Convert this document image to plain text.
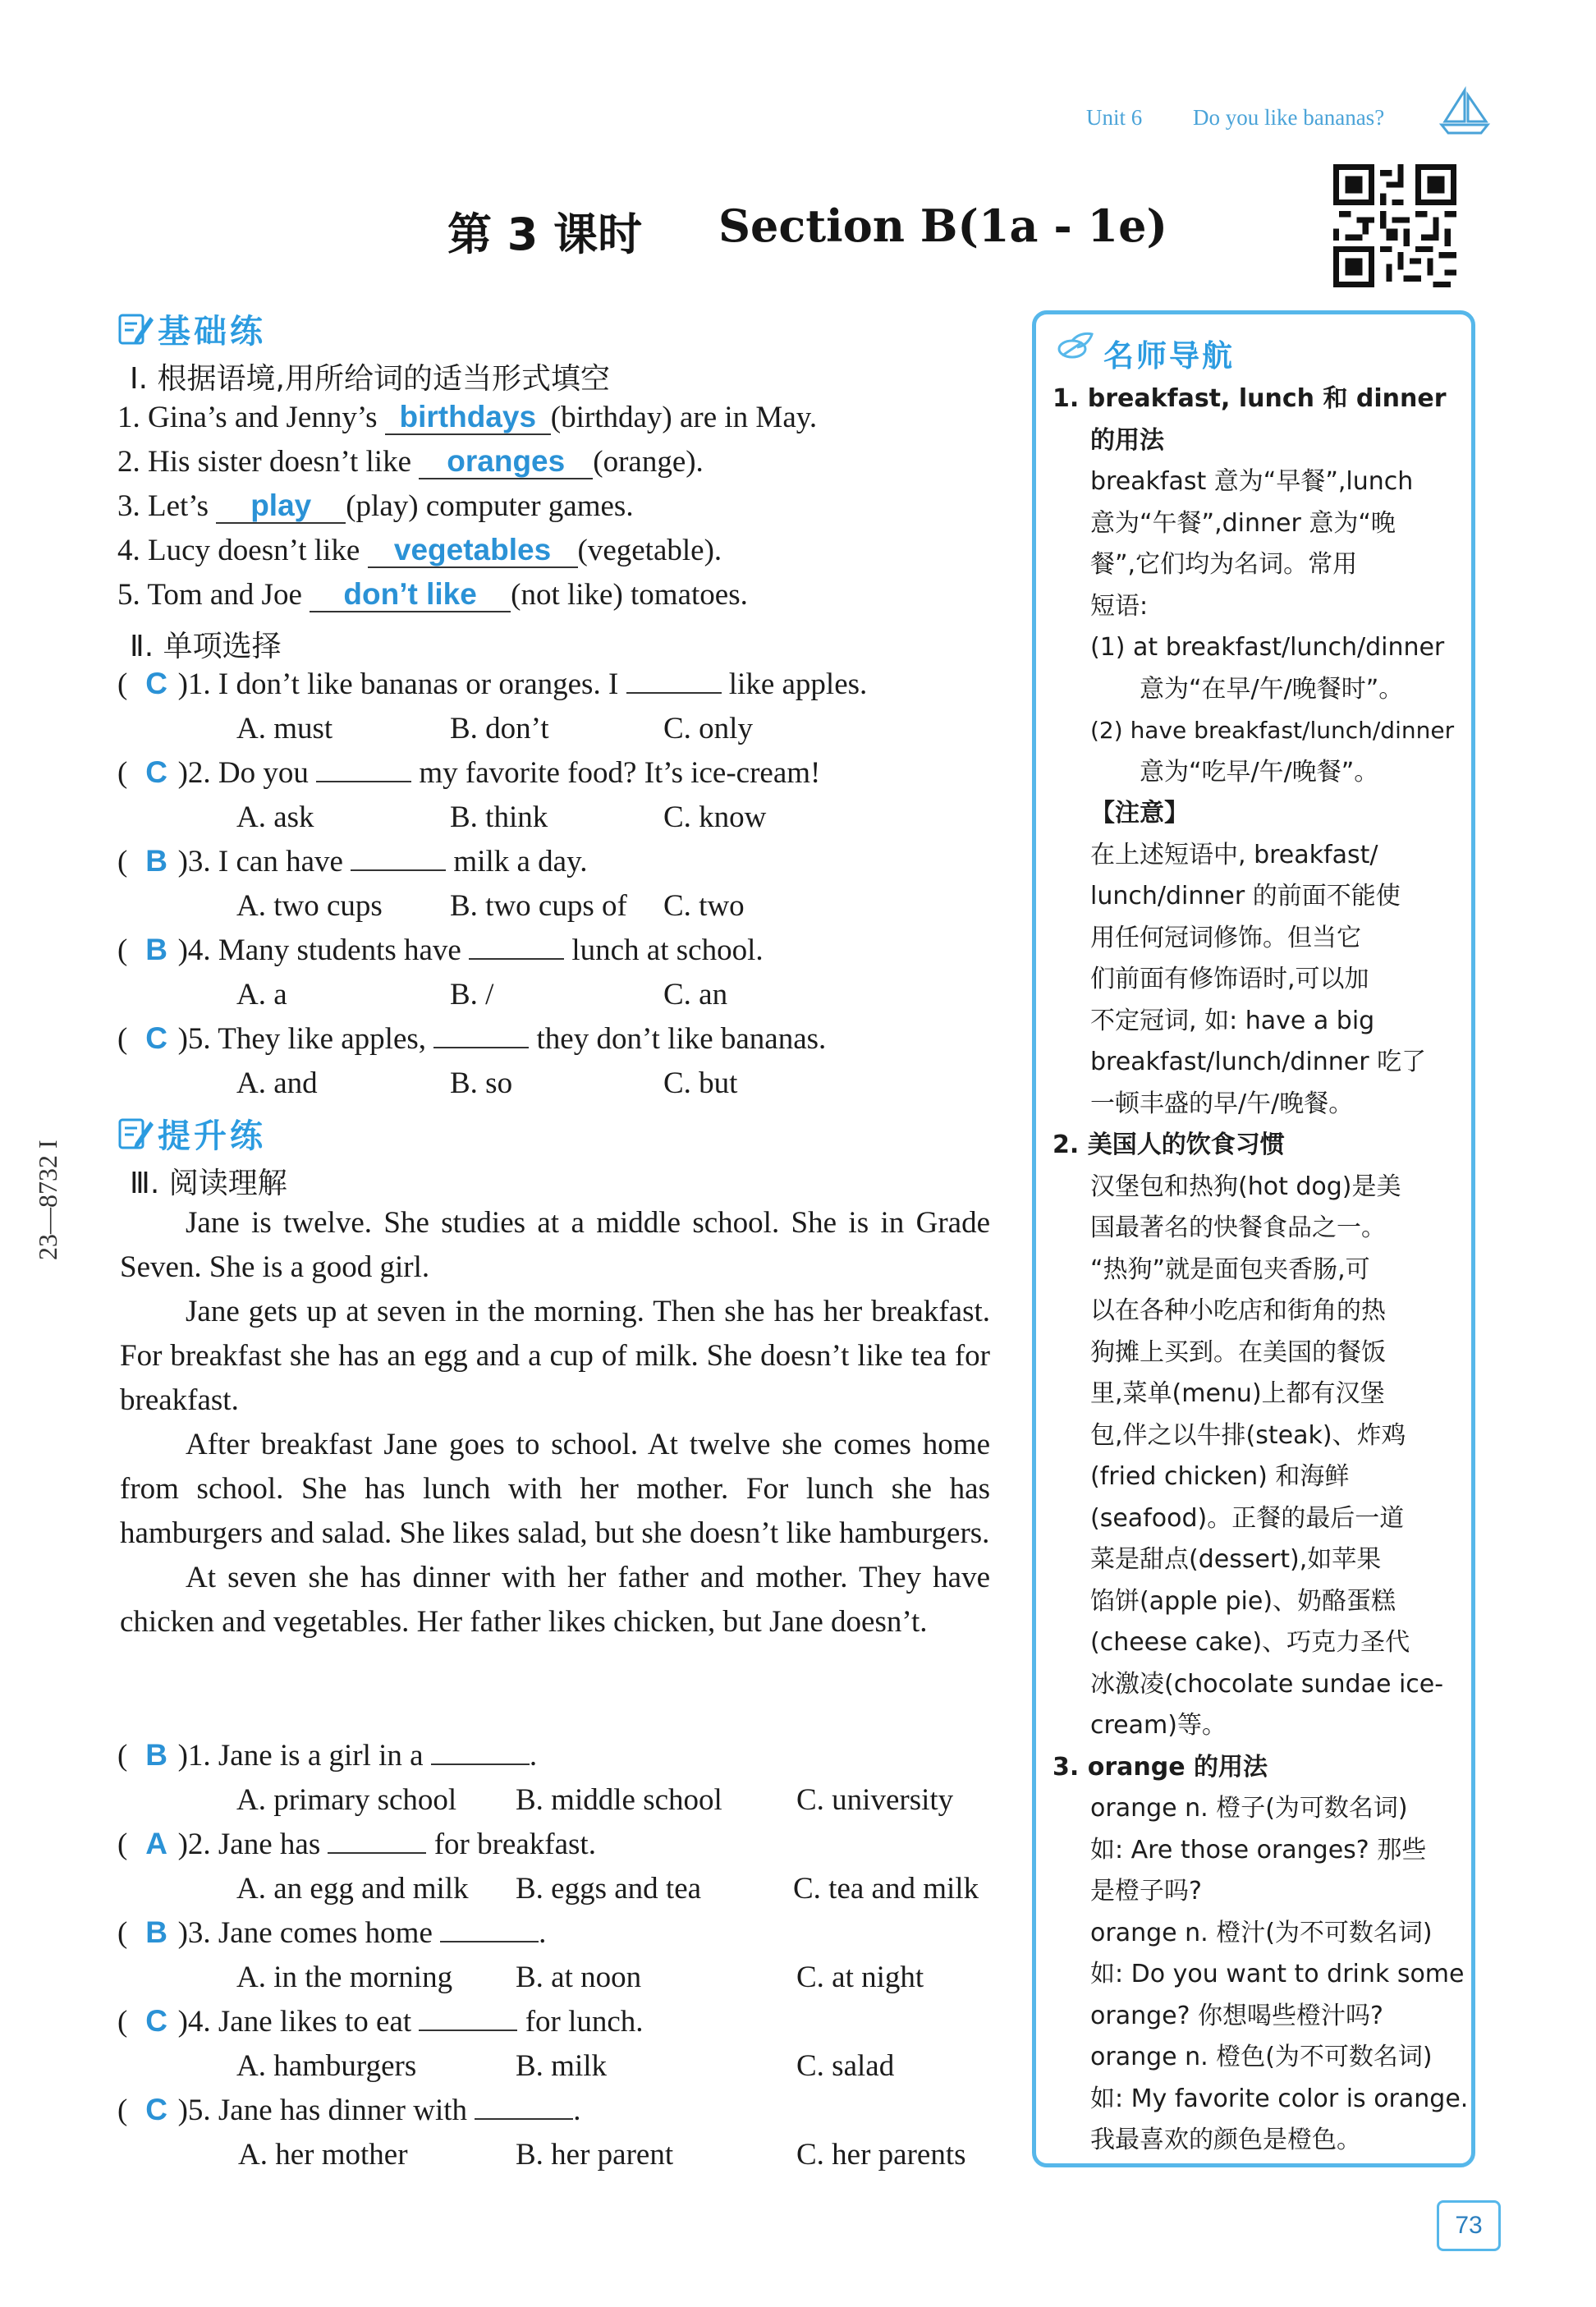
Unit 6 Do you like bananas?
第 3 课时 Section B(1a - 1e)
基础练
Ⅰ. 根据语境,用所给词的适当形式填空
1. Gina’s and Jenny’s birthdays (birthday) are in May.
2. His sister doesn’t like oranges (orange).
3. Let’s play (play) computer games.
4. Lucy doesn’t like vegetables (vegetable).
5. Tom and Joe don’t like (not like) tomatoes.
Ⅱ. 单项选择
( C )1. I don’t like bananas or oranges. I	like apples.
A. must	B. don’t	C. only
( C )2. Do you	my favorite food? It’s ice-cream!
A. ask	B. think	C. know
( B )3. I can have	milk a day.
A. two cups B. two cups of C. two
( B )4. Many students have	lunch at school.
A. a	B. /	C. an
( C )5. They like apples,	they don’t like bananas.
A. and	B. so	C. but
提升练
Ⅲ. 阅读理解
Jane is twelve. She studies at a middle school. She is in Grade Seven. She is a good girl.
Jane gets up at seven in the morning. Then she has her breakfast. For breakfast she has an egg and a cup of milk. She doesn’t like tea for breakfast.
After breakfast Jane goes to school. At twelve she comes home from school. She has lunch with her mother. For lunch she has hamburgers and salad. She likes salad, but she doesn’t like hamburgers.
At seven she has dinner with her father and mother. They have chicken and vegetables. Her father likes chicken, but Jane doesn’t.
( B )1. Jane is a girl in a	.
A. primary school B. middle school C. university
( A )2. Jane has	for breakfast.
A. an egg and milk B. eggs and tea	C. tea and milk
( B )3. Jane comes home	.
A. in the morning B. at noon	C. at night
( C )4. Jane likes to eat	for lunch.
A. hamburgers	B. milk	C. salad
( C )5. Jane has dinner with	.
A. her mother	B. her parent	C. her parents
23—8732 I
名师导航
1. breakfast, lunch 和 dinner
的用法
breakfast 意为“早餐”,lunch
意为“午餐”,dinner 意为“晚
餐”,它们均为名词。常用
短语:
(1) at breakfast/lunch/dinner
意为“在早/午/晚餐时”。
(2) have breakfast/lunch/dinner
意为“吃早/午/晚餐”。
【注意】
在上述短语中, breakfast/
lunch/dinner 的前面不能使
用任何冠词修饰。但当它
们前面有修饰语时,可以加
不定冠词, 如: have a big
breakfast/lunch/dinner 吃了
一顿丰盛的早/午/晚餐。
2. 美国人的饮食习惯
汉堡包和热狗(hot dog)是美
国最著名的快餐食品之一。
“热狗”就是面包夹香肠,可
以在各种小吃店和街角的热
狗摊上买到。在美国的餐饭
里,菜单(menu)上都有汉堡
包,伴之以牛排(steak)、炸鸡
(fried chicken) 和海鲜
(seafood)。正餐的最后一道
菜是甜点(dessert),如苹果
馅饼(apple pie)、奶酪蛋糕
(cheese cake)、巧克力圣代
冰激凌(chocolate sundae ice-
cream)等。
3. orange 的用法
orange n. 橙子(为可数名词)
如: Are those oranges? 那些
是橙子吗?
orange n. 橙汁(为不可数名词)
如: Do you want to drink some
orange? 你想喝些橙汁吗?
orange n. 橙色(为不可数名词)
如: My favorite color is orange.
我最喜欢的颜色是橙色。
73
